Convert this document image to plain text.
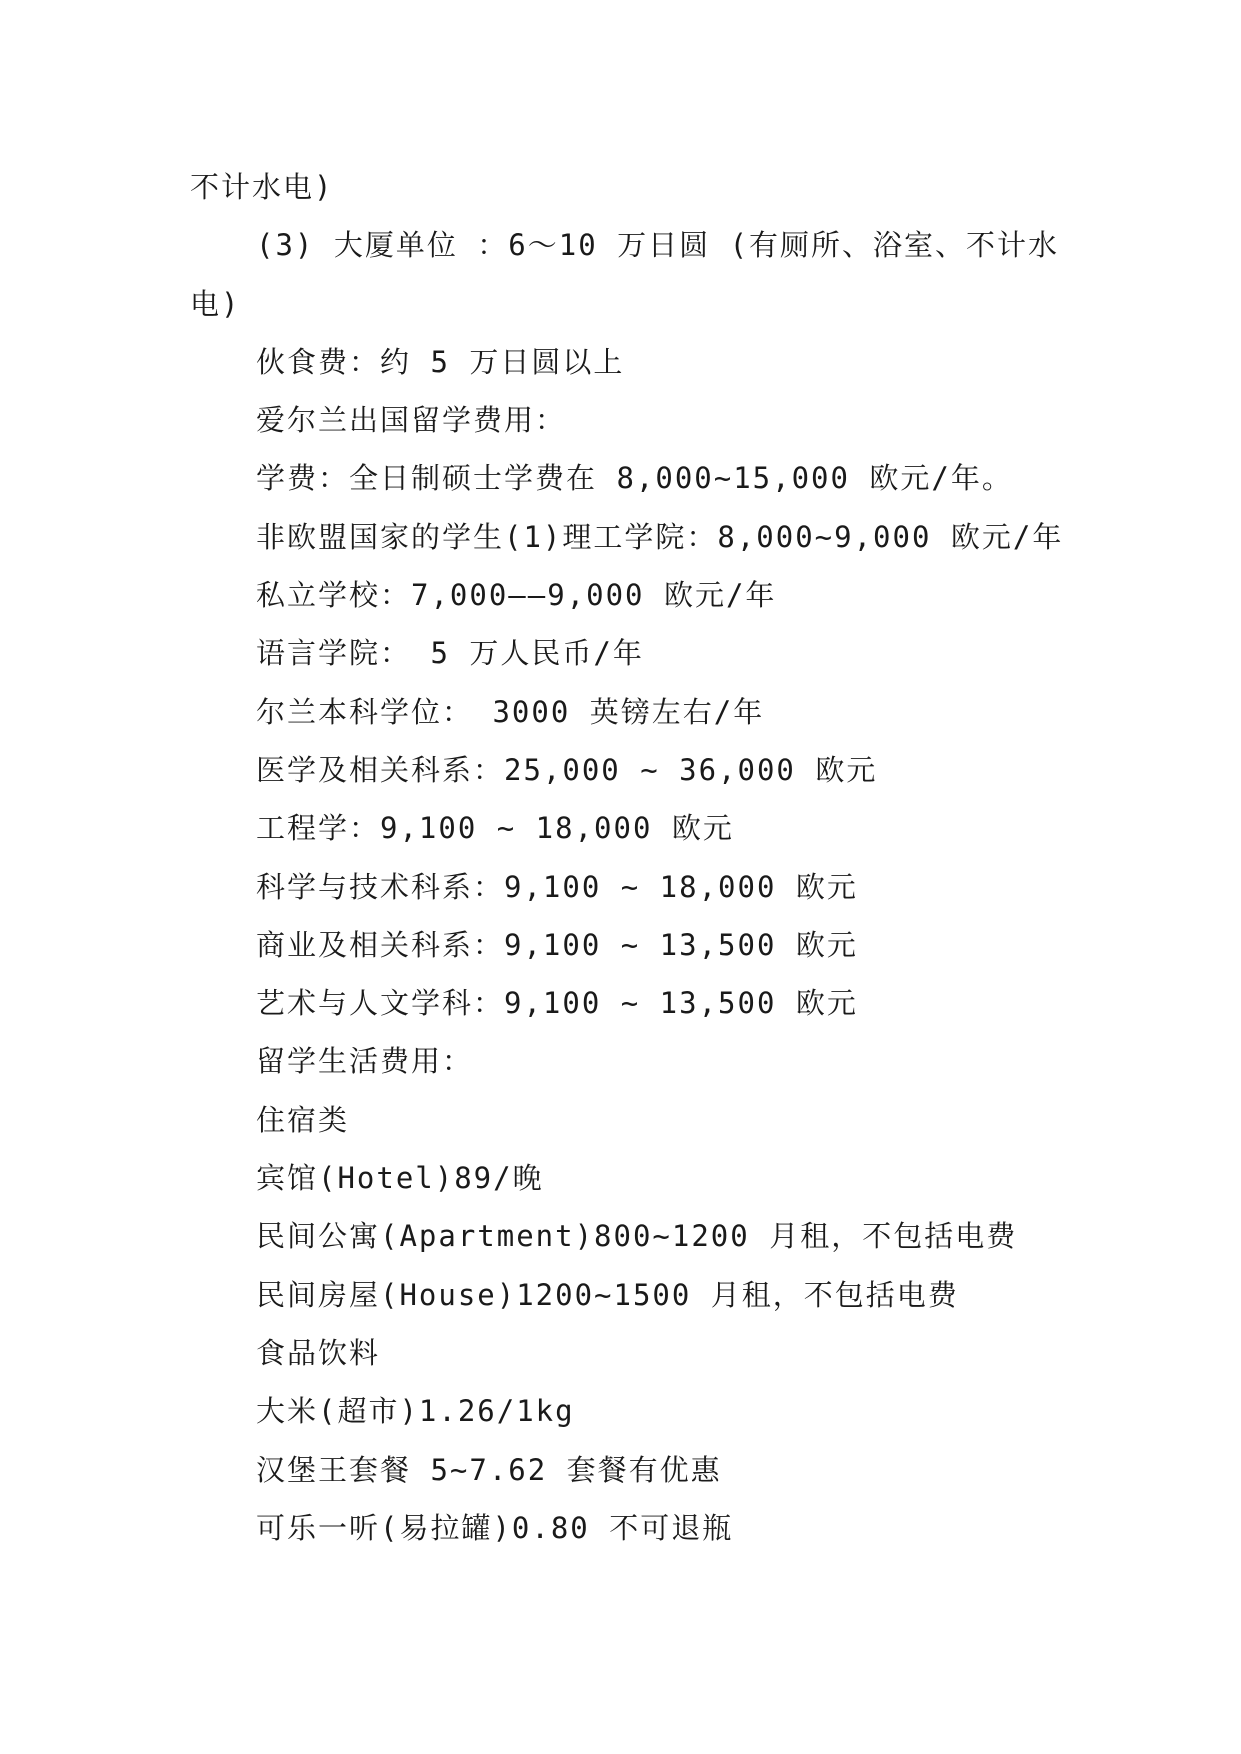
不计水电)
(3) 大厦单位 ：6～10 万日圆 (有厕所、浴室、不计水
电)
伙食费：约 5 万日圆以上
爱尔兰出国留学费用：
学费：全日制硕士学费在 8,000~15,000 欧元/年。
非欧盟国家的学生(1)理工学院：8,000~9,000 欧元/年
私立学校：7,000——9,000 欧元/年
语言学院： 5 万人民币/年
尔兰本科学位： 3000 英镑左右/年
医学及相关科系：25,000 ~ 36,000 欧元
工程学：9,100 ~ 18,000 欧元
科学与技术科系：9,100 ~ 18,000 欧元
商业及相关科系：9,100 ~ 13,500 欧元
艺术与人文学科：9,100 ~ 13,500 欧元
留学生活费用：
住宿类
宾馆(Hotel)89/晚
民间公寓(Apartment)800~1200 月租，不包括电费
民间房屋(House)1200~1500 月租，不包括电费
食品饮料
大米(超市)1.26/1kg
汉堡王套餐 5~7.62 套餐有优惠
可乐一听(易拉罐)0.80 不可退瓶
